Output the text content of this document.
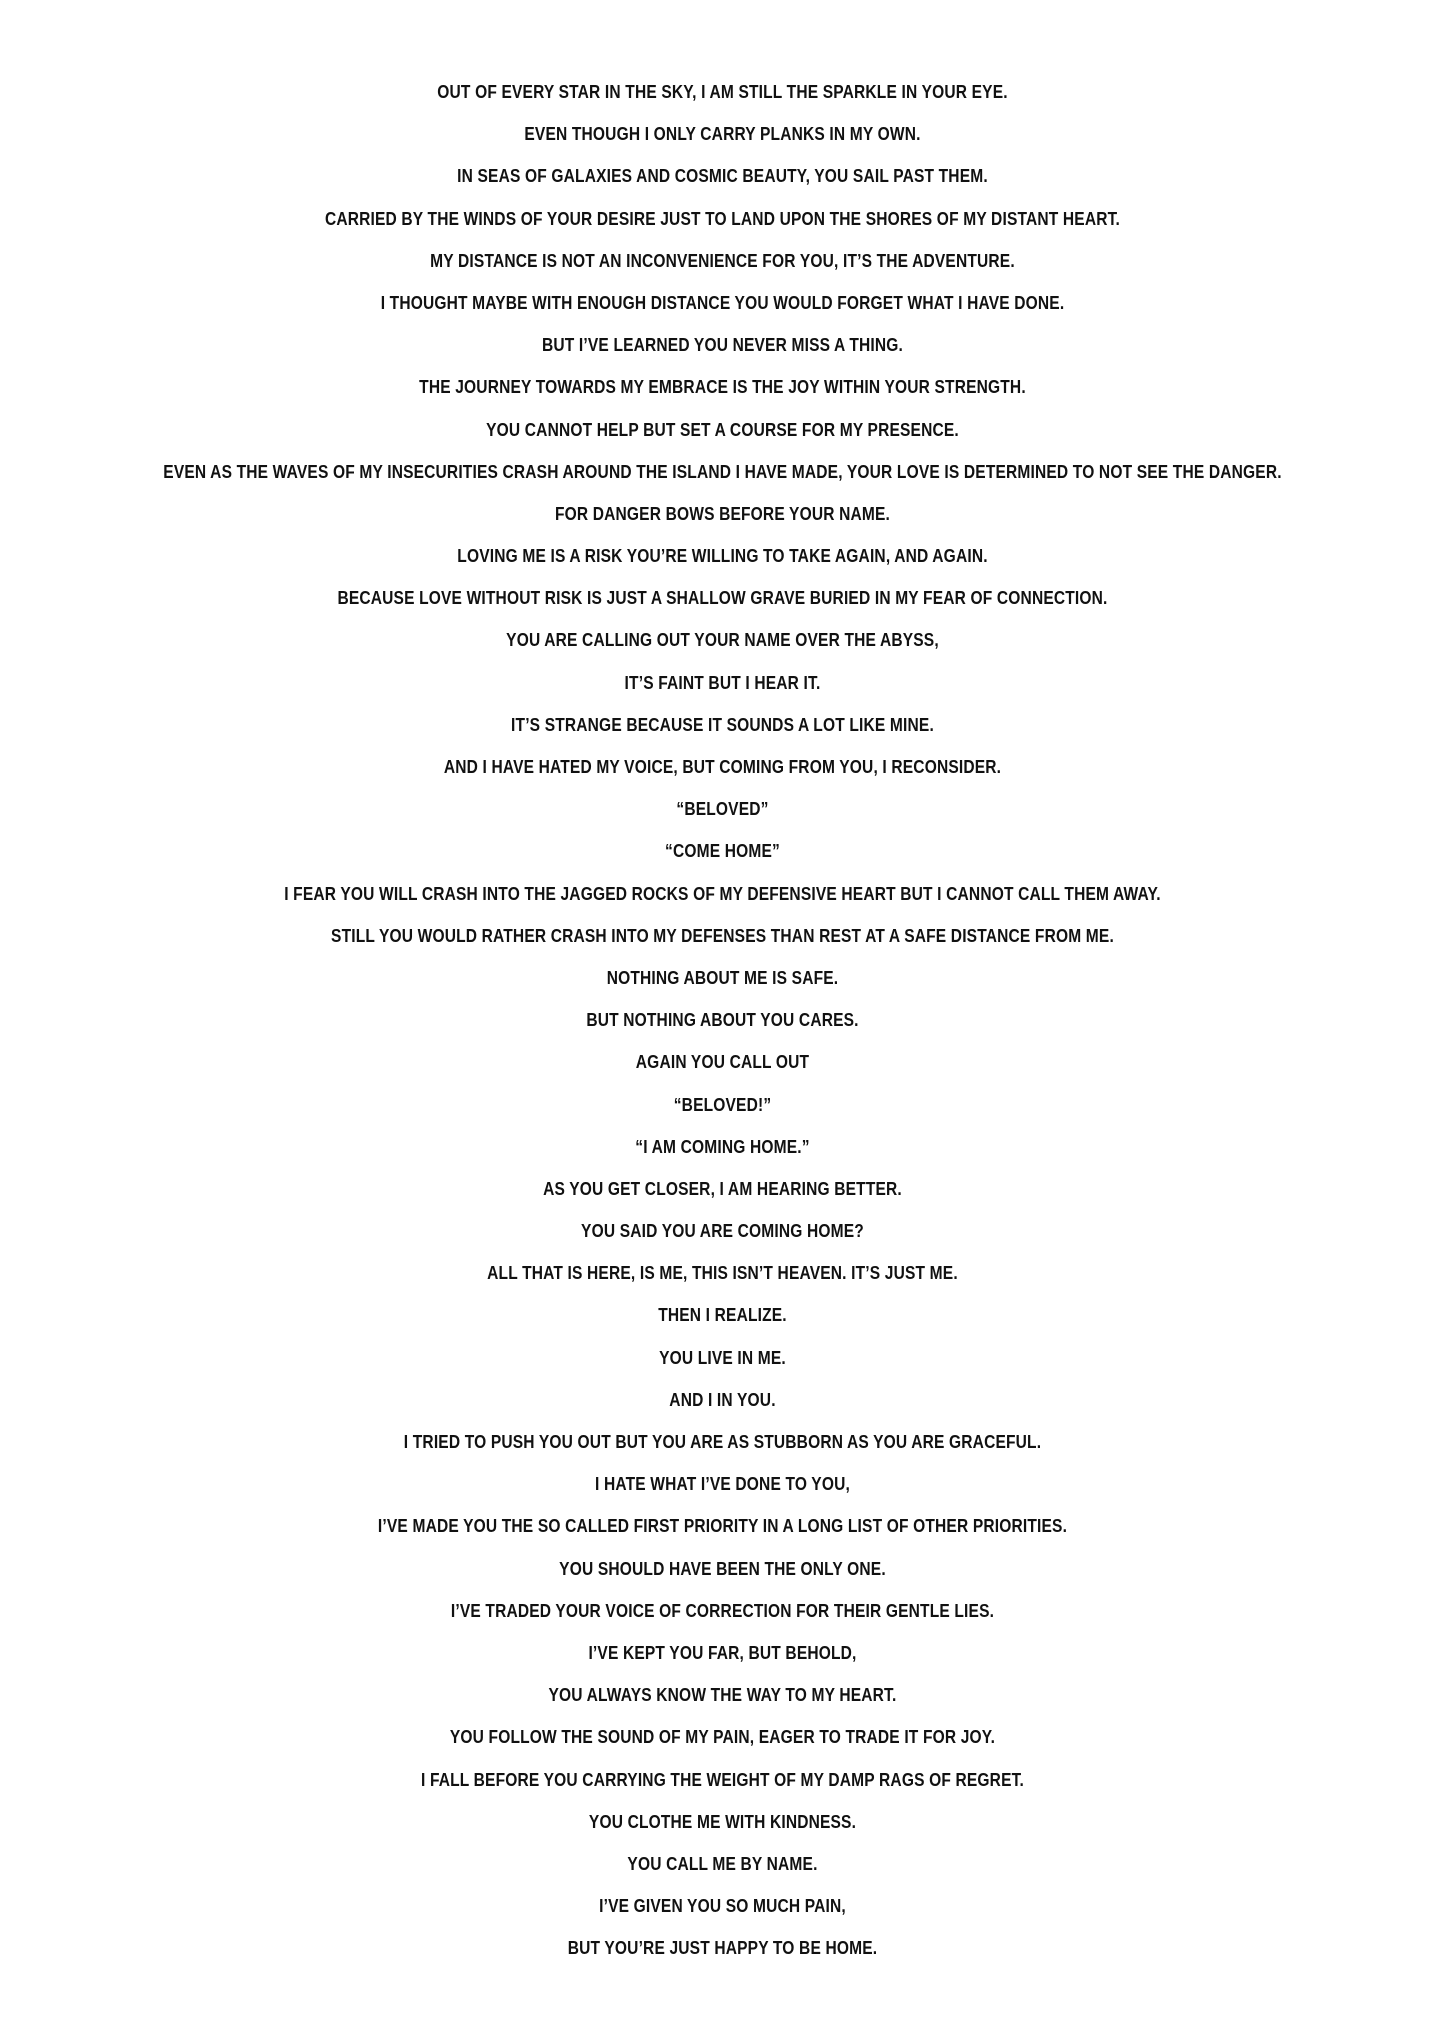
OUT OF EVERY STAR IN THE SKY, I AM STILL THE SPARKLE IN YOUR EYE.
EVEN THOUGH I ONLY CARRY PLANKS IN MY OWN.
IN SEAS OF GALAXIES AND COSMIC BEAUTY, YOU SAIL PAST THEM.
CARRIED BY THE WINDS OF YOUR DESIRE JUST TO LAND UPON THE SHORES OF MY DISTANT HEART.
MY DISTANCE IS NOT AN INCONVENIENCE FOR YOU, IT’S THE ADVENTURE.
I THOUGHT MAYBE WITH ENOUGH DISTANCE YOU WOULD FORGET WHAT I HAVE DONE.
BUT I’VE LEARNED YOU NEVER MISS A THING.
THE JOURNEY TOWARDS MY EMBRACE IS THE JOY WITHIN YOUR STRENGTH.
YOU CANNOT HELP BUT SET A COURSE FOR MY PRESENCE.
EVEN AS THE WAVES OF MY INSECURITIES CRASH AROUND THE ISLAND I HAVE MADE, YOUR LOVE IS DETERMINED TO NOT SEE THE DANGER.
FOR DANGER BOWS BEFORE YOUR NAME.
LOVING ME IS A RISK YOU’RE WILLING TO TAKE AGAIN, AND AGAIN.
BECAUSE LOVE WITHOUT RISK IS JUST A SHALLOW GRAVE BURIED IN MY FEAR OF CONNECTION.
YOU ARE CALLING OUT YOUR NAME OVER THE ABYSS,
IT’S FAINT BUT I HEAR IT.
IT’S STRANGE BECAUSE IT SOUNDS A LOT LIKE MINE.
AND I HAVE HATED MY VOICE, BUT COMING FROM YOU, I RECONSIDER.
“BELOVED”
“COME HOME”
I FEAR YOU WILL CRASH INTO THE JAGGED ROCKS OF MY DEFENSIVE HEART BUT I CANNOT CALL THEM AWAY.
STILL YOU WOULD RATHER CRASH INTO MY DEFENSES THAN REST AT A SAFE DISTANCE FROM ME.
NOTHING ABOUT ME IS SAFE.
BUT NOTHING ABOUT YOU CARES.
AGAIN YOU CALL OUT
“BELOVED!”
“I AM COMING HOME.”
AS YOU GET CLOSER, I AM HEARING BETTER.
YOU SAID YOU ARE COMING HOME?
ALL THAT IS HERE, IS ME, THIS ISN’T HEAVEN. IT’S JUST ME.
THEN I REALIZE.
YOU LIVE IN ME.
AND I IN YOU.
I TRIED TO PUSH YOU OUT BUT YOU ARE AS STUBBORN AS YOU ARE GRACEFUL.
I HATE WHAT I’VE DONE TO YOU,
I’VE MADE YOU THE SO CALLED FIRST PRIORITY IN A LONG LIST OF OTHER PRIORITIES.
YOU SHOULD HAVE BEEN THE ONLY ONE.
I’VE TRADED YOUR VOICE OF CORRECTION FOR THEIR GENTLE LIES.
I’VE KEPT YOU FAR, BUT BEHOLD,
YOU ALWAYS KNOW THE WAY TO MY HEART.
YOU FOLLOW THE SOUND OF MY PAIN, EAGER TO TRADE IT FOR JOY.
I FALL BEFORE YOU CARRYING THE WEIGHT OF MY DAMP RAGS OF REGRET.
YOU CLOTHE ME WITH KINDNESS.
YOU CALL ME BY NAME.
I’VE GIVEN YOU SO MUCH PAIN,
BUT YOU’RE JUST HAPPY TO BE HOME.
